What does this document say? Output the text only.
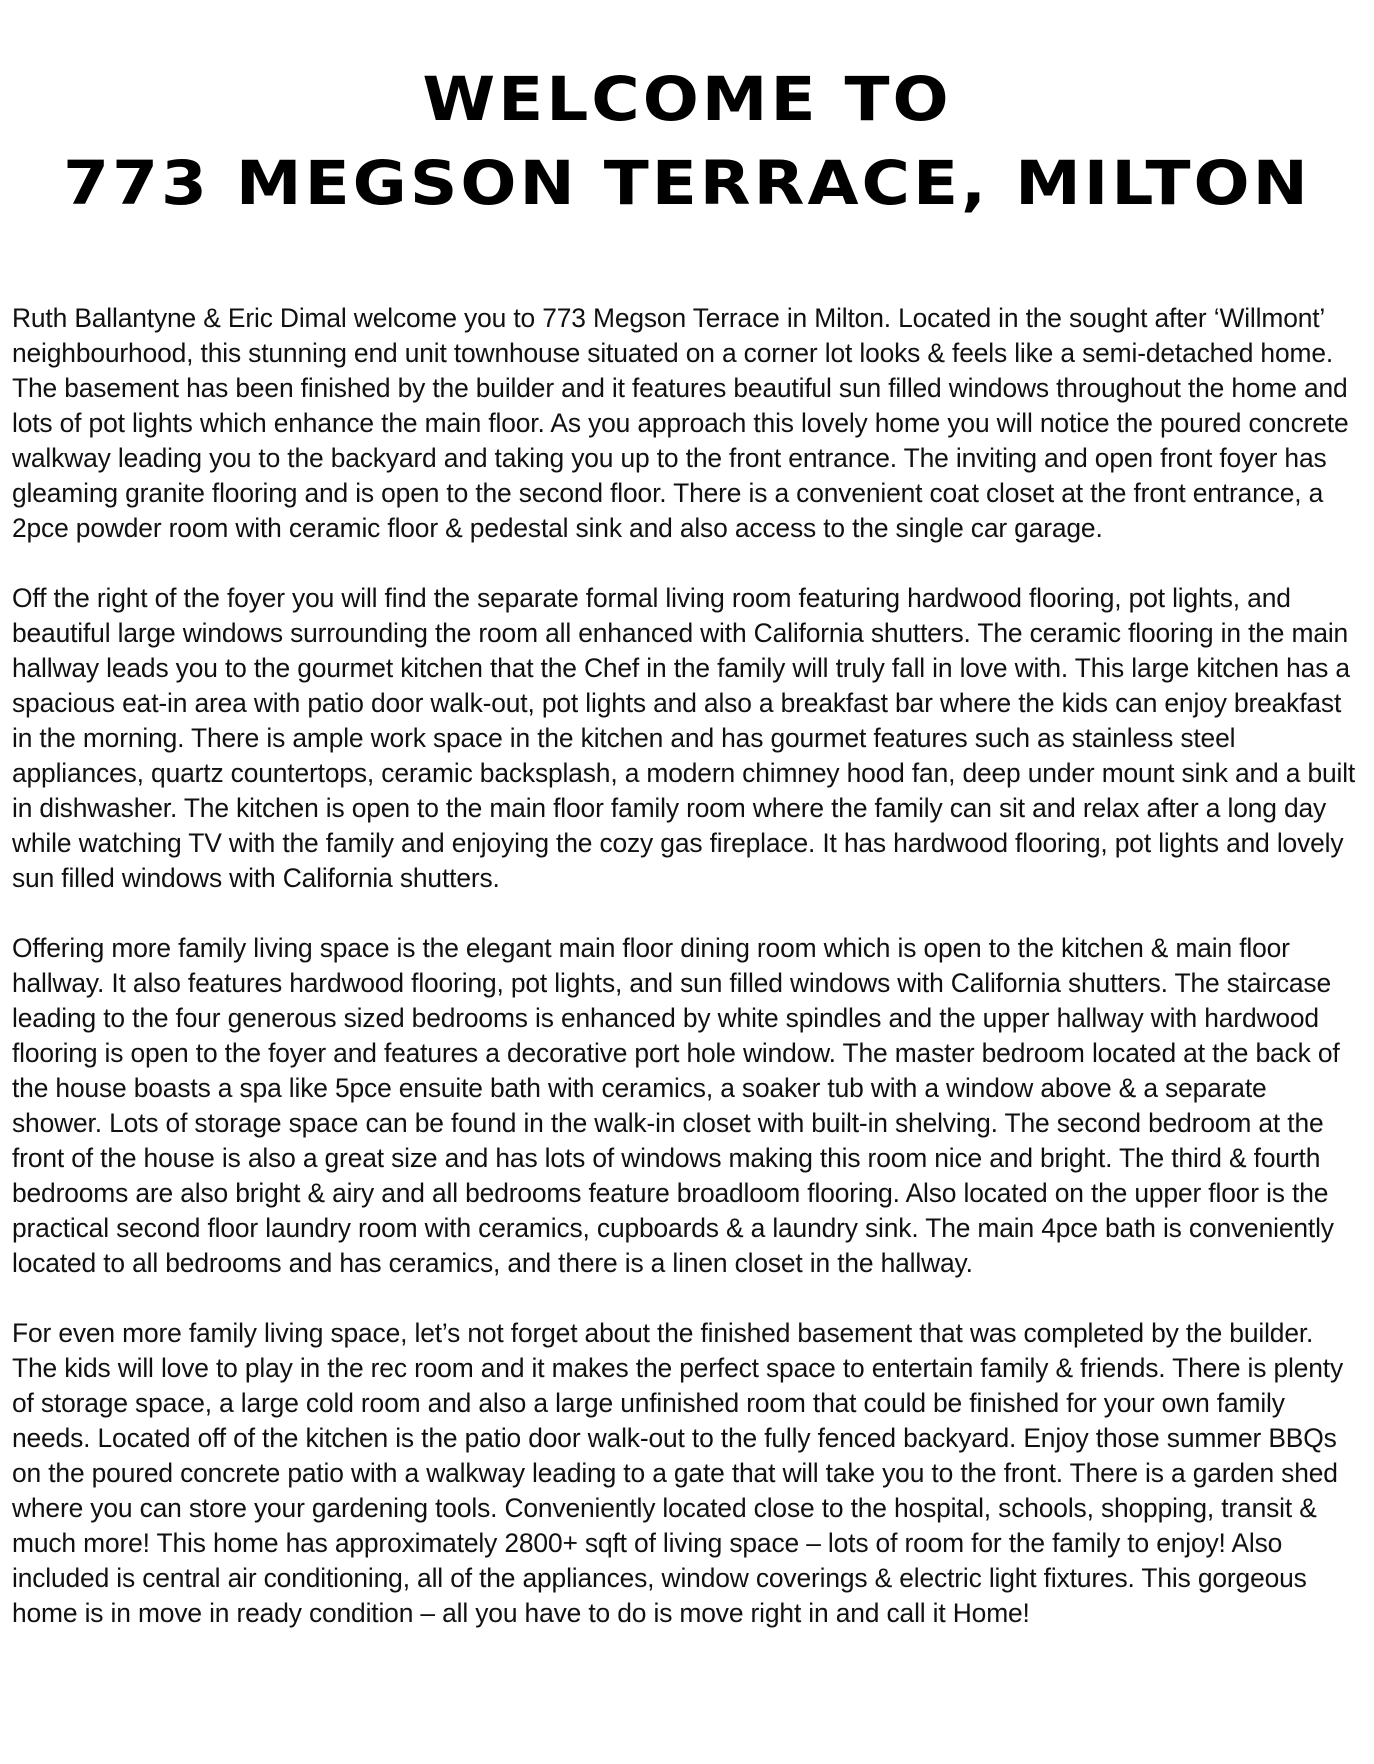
WELCOME TO
773 MEGSON TERRACE, MILTON

Ruth Ballantyne & Eric Dimal welcome you to 773 Megson Terrace in Milton. Located in the sought after ‘Willmont’ neighbourhood, this stunning end unit townhouse situated on a corner lot looks & feels like a semi-detached home. The basement has been finished by the builder and it features beautiful sun filled windows throughout the home and lots of pot lights which enhance the main floor. As you approach this lovely home you will notice the poured concrete walkway leading you to the backyard and taking you up to the front entrance. The inviting and open front foyer has gleaming granite flooring and is open to the second floor. There is a convenient coat closet at the front entrance, a 2pce powder room with ceramic floor & pedestal sink and also access to the single car garage.

Off the right of the foyer you will find the separate formal living room featuring hardwood flooring, pot lights, and beautiful large windows surrounding the room all enhanced with California shutters. The ceramic flooring in the main hallway leads you to the gourmet kitchen that the Chef in the family will truly fall in love with. This large kitchen has a spacious eat-in area with patio door walk-out, pot lights and also a breakfast bar where the kids can enjoy breakfast in the morning. There is ample work space in the kitchen and has gourmet features such as stainless steel appliances, quartz countertops, ceramic backsplash, a modern chimney hood fan, deep under mount sink and a built in dishwasher. The kitchen is open to the main floor family room where the family can sit and relax after a long day while watching TV with the family and enjoying the cozy gas fireplace. It has hardwood flooring, pot lights and lovely sun filled windows with California shutters.

Offering more family living space is the elegant main floor dining room which is open to the kitchen & main floor hallway. It also features hardwood flooring, pot lights, and sun filled windows with California shutters. The staircase leading to the four generous sized bedrooms is enhanced by white spindles and the upper hallway with hardwood flooring is open to the foyer and features a decorative port hole window. The master bedroom located at the back of the house boasts a spa like 5pce ensuite bath with ceramics, a soaker tub with a window above & a separate shower. Lots of storage space can be found in the walk-in closet with built-in shelving. The second bedroom at the front of the house is also a great size and has lots of windows making this room nice and bright. The third & fourth bedrooms are also bright & airy and all bedrooms feature broadloom flooring. Also located on the upper floor is the practical second floor laundry room with ceramics, cupboards & a laundry sink. The main 4pce bath is conveniently located to all bedrooms and has ceramics, and there is a linen closet in the hallway.

For even more family living space, let’s not forget about the finished basement that was completed by the builder. The kids will love to play in the rec room and it makes the perfect space to entertain family & friends. There is plenty of storage space, a large cold room and also a large unfinished room that could be finished for your own family needs. Located off of the kitchen is the patio door walk-out to the fully fenced backyard. Enjoy those summer BBQs on the poured concrete patio with a walkway leading to a gate that will take you to the front. There is a garden shed where you can store your gardening tools. Conveniently located close to the hospital, schools, shopping, transit & much more! This home has approximately 2800+ sqft of living space – lots of room for the family to enjoy! Also included is central air conditioning, all of the appliances, window coverings & electric light fixtures. This gorgeous home is in move in ready condition – all you have to do is move right in and call it Home!
